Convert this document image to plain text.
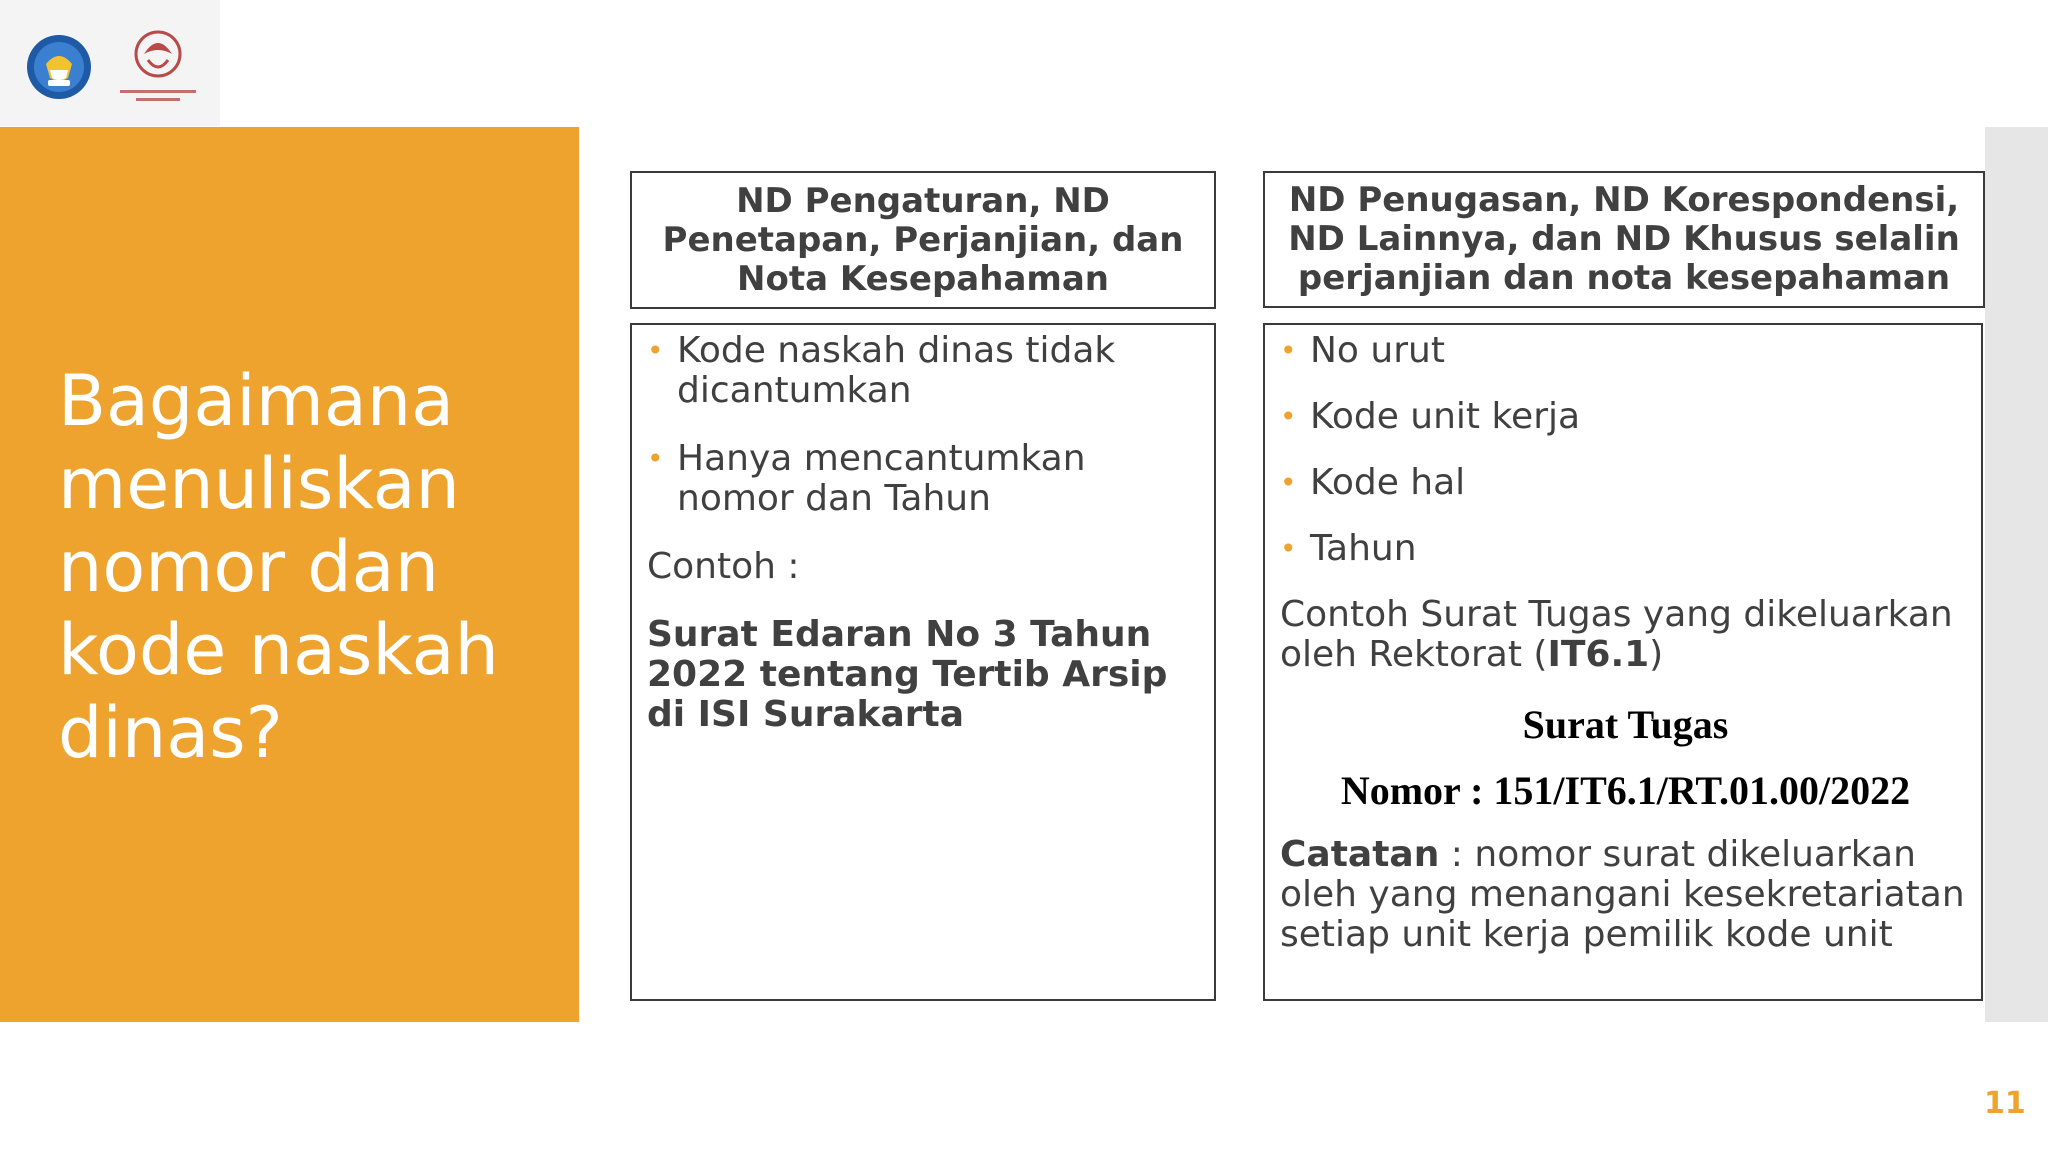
Bagaimana menuliskan nomor dan kode naskah dinas?
ND Pengaturan, ND Penetapan, Perjanjian, dan Nota Kesepahaman
ND Penugasan, ND Korespondensi, ND Lainnya, dan ND Khusus selalin perjanjian dan nota kesepahaman
• Kode naskah dinas tidak dicantumkan
• Hanya mencantumkan nomor dan Tahun

Contoh :

Surat Edaran No 3 Tahun 2022 tentang Tertib Arsip di ISI Surakarta

• No urut
• Kode unit kerja
• Kode hal
• Tahun

Contoh Surat Tugas yang dikeluarkan oleh Rektorat (IT6.1)

Surat Tugas

Nomor : 151/IT6.1/RT.01.00/2022

Catatan : nomor surat dikeluarkan oleh yang menangani kesekretariatan setiap unit kerja pemilik kode unit

11
